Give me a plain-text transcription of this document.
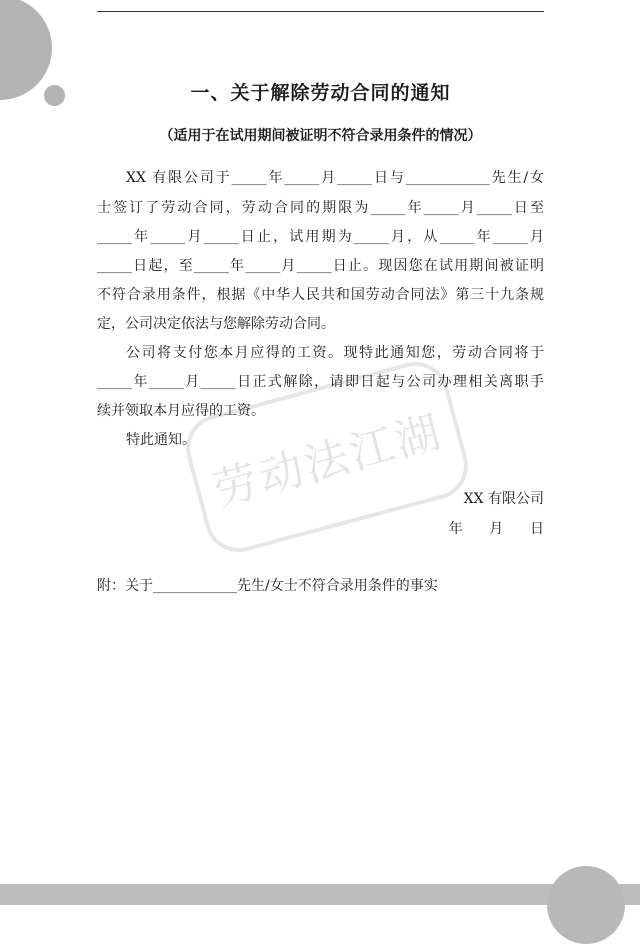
劳动法江湖
一、关于解除劳动合同的通知
（适用于在试用期间被证明不符合录用条件的情况）
XX 有限公司于_____年_____月_____日与____________先生/女
士签订了劳动合同，劳动合同的期限为_____年_____月_____日至
_____年_____月_____日止，试用期为_____月，从_____年_____月
_____日起，至_____年_____月_____日止。现因您在试用期间被证明
不符合录用条件，根据《中华人民共和国劳动合同法》第三十九条规
定，公司决定依法与您解除劳动合同。
公司将支付您本月应得的工资。现特此通知您，劳动合同将于
_____年_____月_____日正式解除，请即日起与公司办理相关离职手
续并领取本月应得的工资。
特此通知。
XX 有限公司
年      月      日
附：关于____________先生/女士不符合录用条件的事实
